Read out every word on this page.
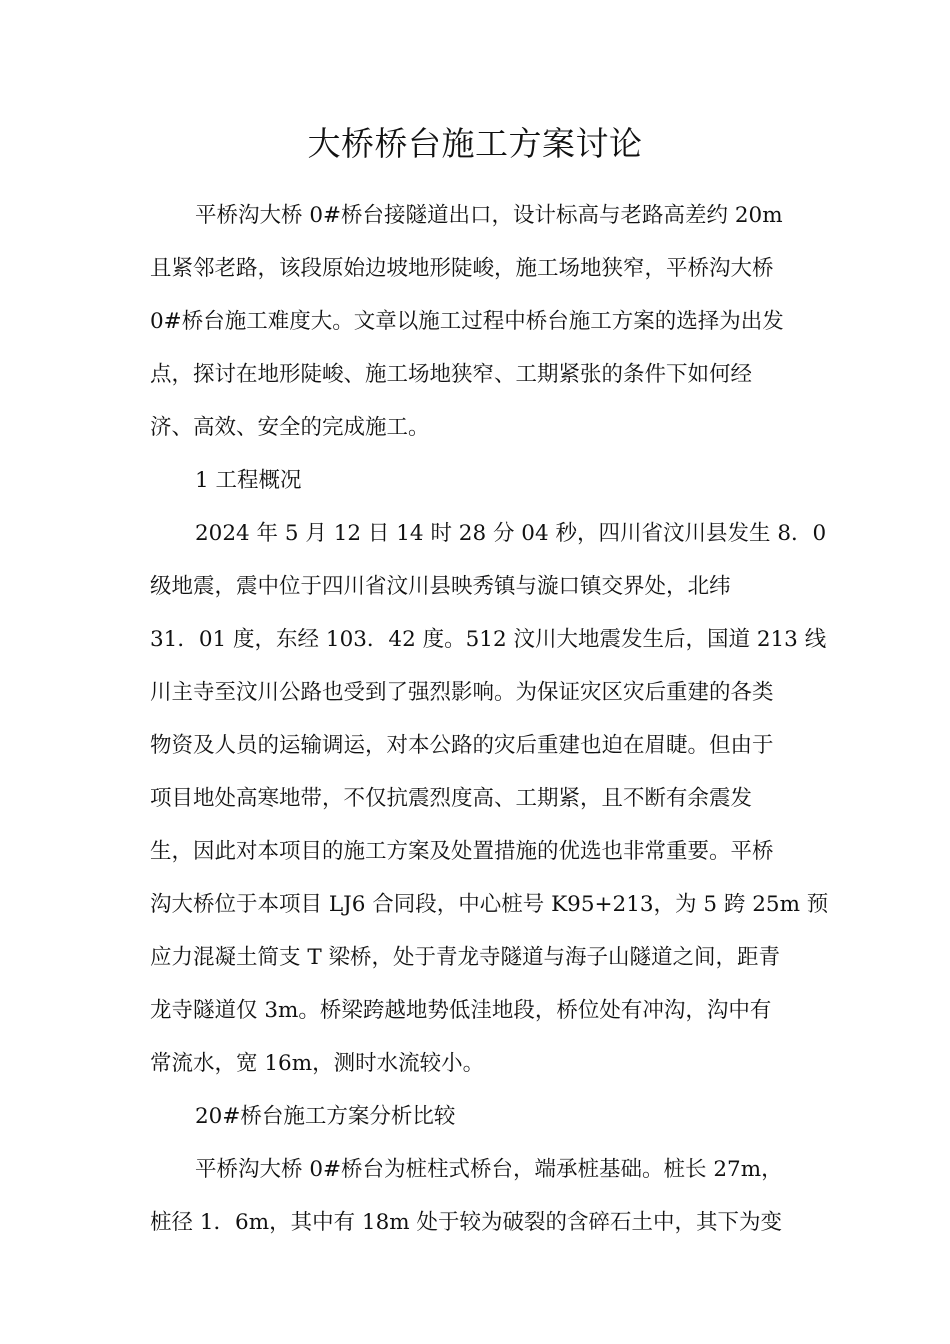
大桥桥台施工方案讨论
平桥沟大桥 0#桥台接隧道出口，设计标高与老路高差约 20m
且紧邻老路，该段原始边坡地形陡峻，施工场地狭窄，平桥沟大桥
0#桥台施工难度大。文章以施工过程中桥台施工方案的选择为出发
点，探讨在地形陡峻、施工场地狭窄、工期紧张的条件下如何经
济、高效、安全的完成施工。
1 工程概况
2024 年 5 月 12 日 14 时 28 分 04 秒，四川省汶川县发生 8．0
级地震，震中位于四川省汶川县映秀镇与漩口镇交界处，北纬
31．01 度，东经 103．42 度。512 汶川大地震发生后，国道 213 线
川主寺至汶川公路也受到了强烈影响。为保证灾区灾后重建的各类
物资及人员的运输调运，对本公路的灾后重建也迫在眉睫。但由于
项目地处高寒地带，不仅抗震烈度高、工期紧，且不断有余震发
生，因此对本项目的施工方案及处置措施的优选也非常重要。平桥
沟大桥位于本项目 LJ6 合同段，中心桩号 K95+213，为 5 跨 25m 预
应力混凝土简支 T 梁桥，处于青龙寺隧道与海子山隧道之间，距青
龙寺隧道仅 3m。桥梁跨越地势低洼地段，桥位处有冲沟，沟中有
常流水，宽 16m，测时水流较小。
20#桥台施工方案分析比较
平桥沟大桥 0#桥台为桩柱式桥台，端承桩基础。桩长 27m，
桩径 1．6m，其中有 18m 处于较为破裂的含碎石土中，其下为变
